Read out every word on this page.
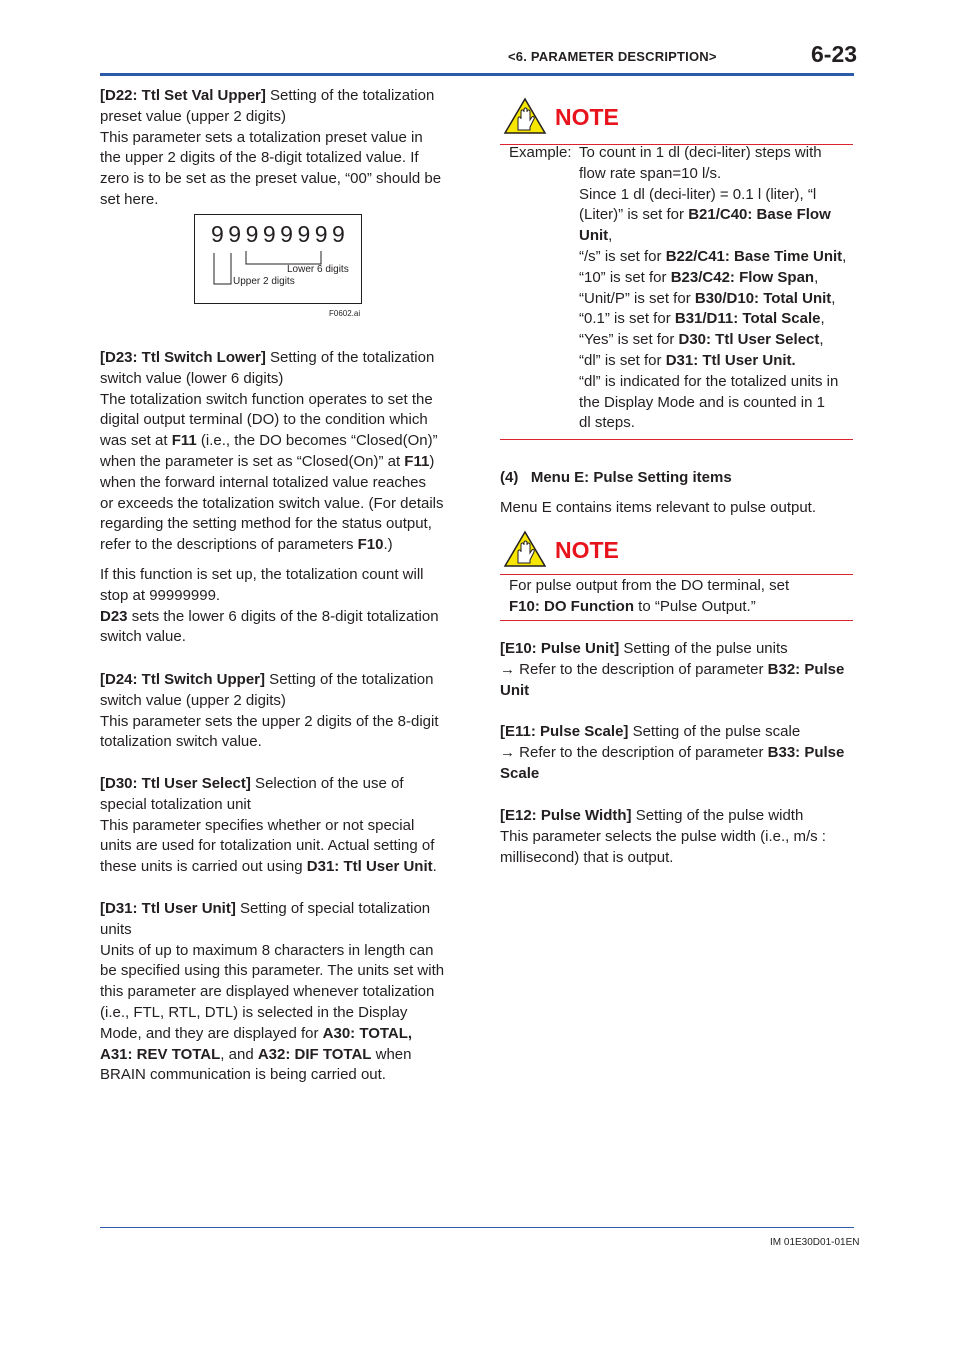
<6. PARAMETER DESCRIPTION>	6-23

[D22: Ttl Set Val Upper] Setting of the totalization

preset value (upper 2 digits)

This parameter sets a totalization preset value in

the upper 2 digits of the 8-digit totalized value. If

zero is to be set as the preset value, “00” should be

set here.

99999999
Lower 6 digits
Upper 2 digits
F0602.ai

[D23: Ttl Switch Lower] Setting of the totalization

switch value (lower 6 digits)

The totalization switch function operates to set the

digital output terminal (DO) to the condition which

was set at F11 (i.e., the DO becomes “Closed(On)”

when the parameter is set as “Closed(On)” at F11)

when the forward internal totalized value reaches

or exceeds the totalization switch value. (For details

regarding the setting method for the status output,

refer to the descriptions of parameters F10.)

If this function is set up, the totalization count will

stop at 99999999.

D23 sets the lower 6 digits of the 8-digit totalization

switch value.

[D24: Ttl Switch Upper] Setting of the totalization

switch value (upper 2 digits)

This parameter sets the upper 2 digits of the 8-digit

totalization switch value.

[D30: Ttl User Select] Selection of the use of

special totalization unit

This parameter specifies whether or not special

units are used for totalization unit. Actual setting of

these units is carried out using D31: Ttl User Unit.

[D31: Ttl User Unit] Setting of special totalization

units

Units of up to maximum 8 characters in length can

be specified using this parameter. The units set with

this parameter are displayed whenever totalization

(i.e., FTL, RTL, DTL) is selected in the Display

Mode, and they are displayed for A30: TOTAL,

A31: REV TOTAL, and A32: DIF TOTAL when

BRAIN communication is being carried out.

NOTE
Example: To count in 1 dl (deci-liter) steps with

flow rate span=10 l/s.

Since 1 dl (deci-liter) = 0.1 l (liter), “l

(Liter)” is set for B21/C40: Base Flow

Unit,

“/s” is set for B22/C41: Base Time Unit,

“10” is set for B23/C42: Flow Span,

“Unit/P” is set for B30/D10: Total Unit,

“0.1” is set for B31/D11: Total Scale,

“Yes” is set for D30: Ttl User Select,

“dl” is set for D31: Ttl User Unit.

“dl” is indicated for the totalized units in

the Display Mode and is counted in 1

dl steps.

(4)   Menu E: Pulse Setting items
Menu E contains items relevant to pulse output.
NOTE

For pulse output from the DO terminal, set

F10: DO Function to “Pulse Output.”

[E10: Pulse Unit] Setting of the pulse units

→ Refer to the description of parameter B32: Pulse

Unit

[E11: Pulse Scale] Setting of the pulse scale

→ Refer to the description of parameter B33: Pulse

Scale

[E12: Pulse Width] Setting of the pulse width

This parameter selects the pulse width (i.e., m/s :

millisecond) that is output.

IM 01E30D01-01EN
